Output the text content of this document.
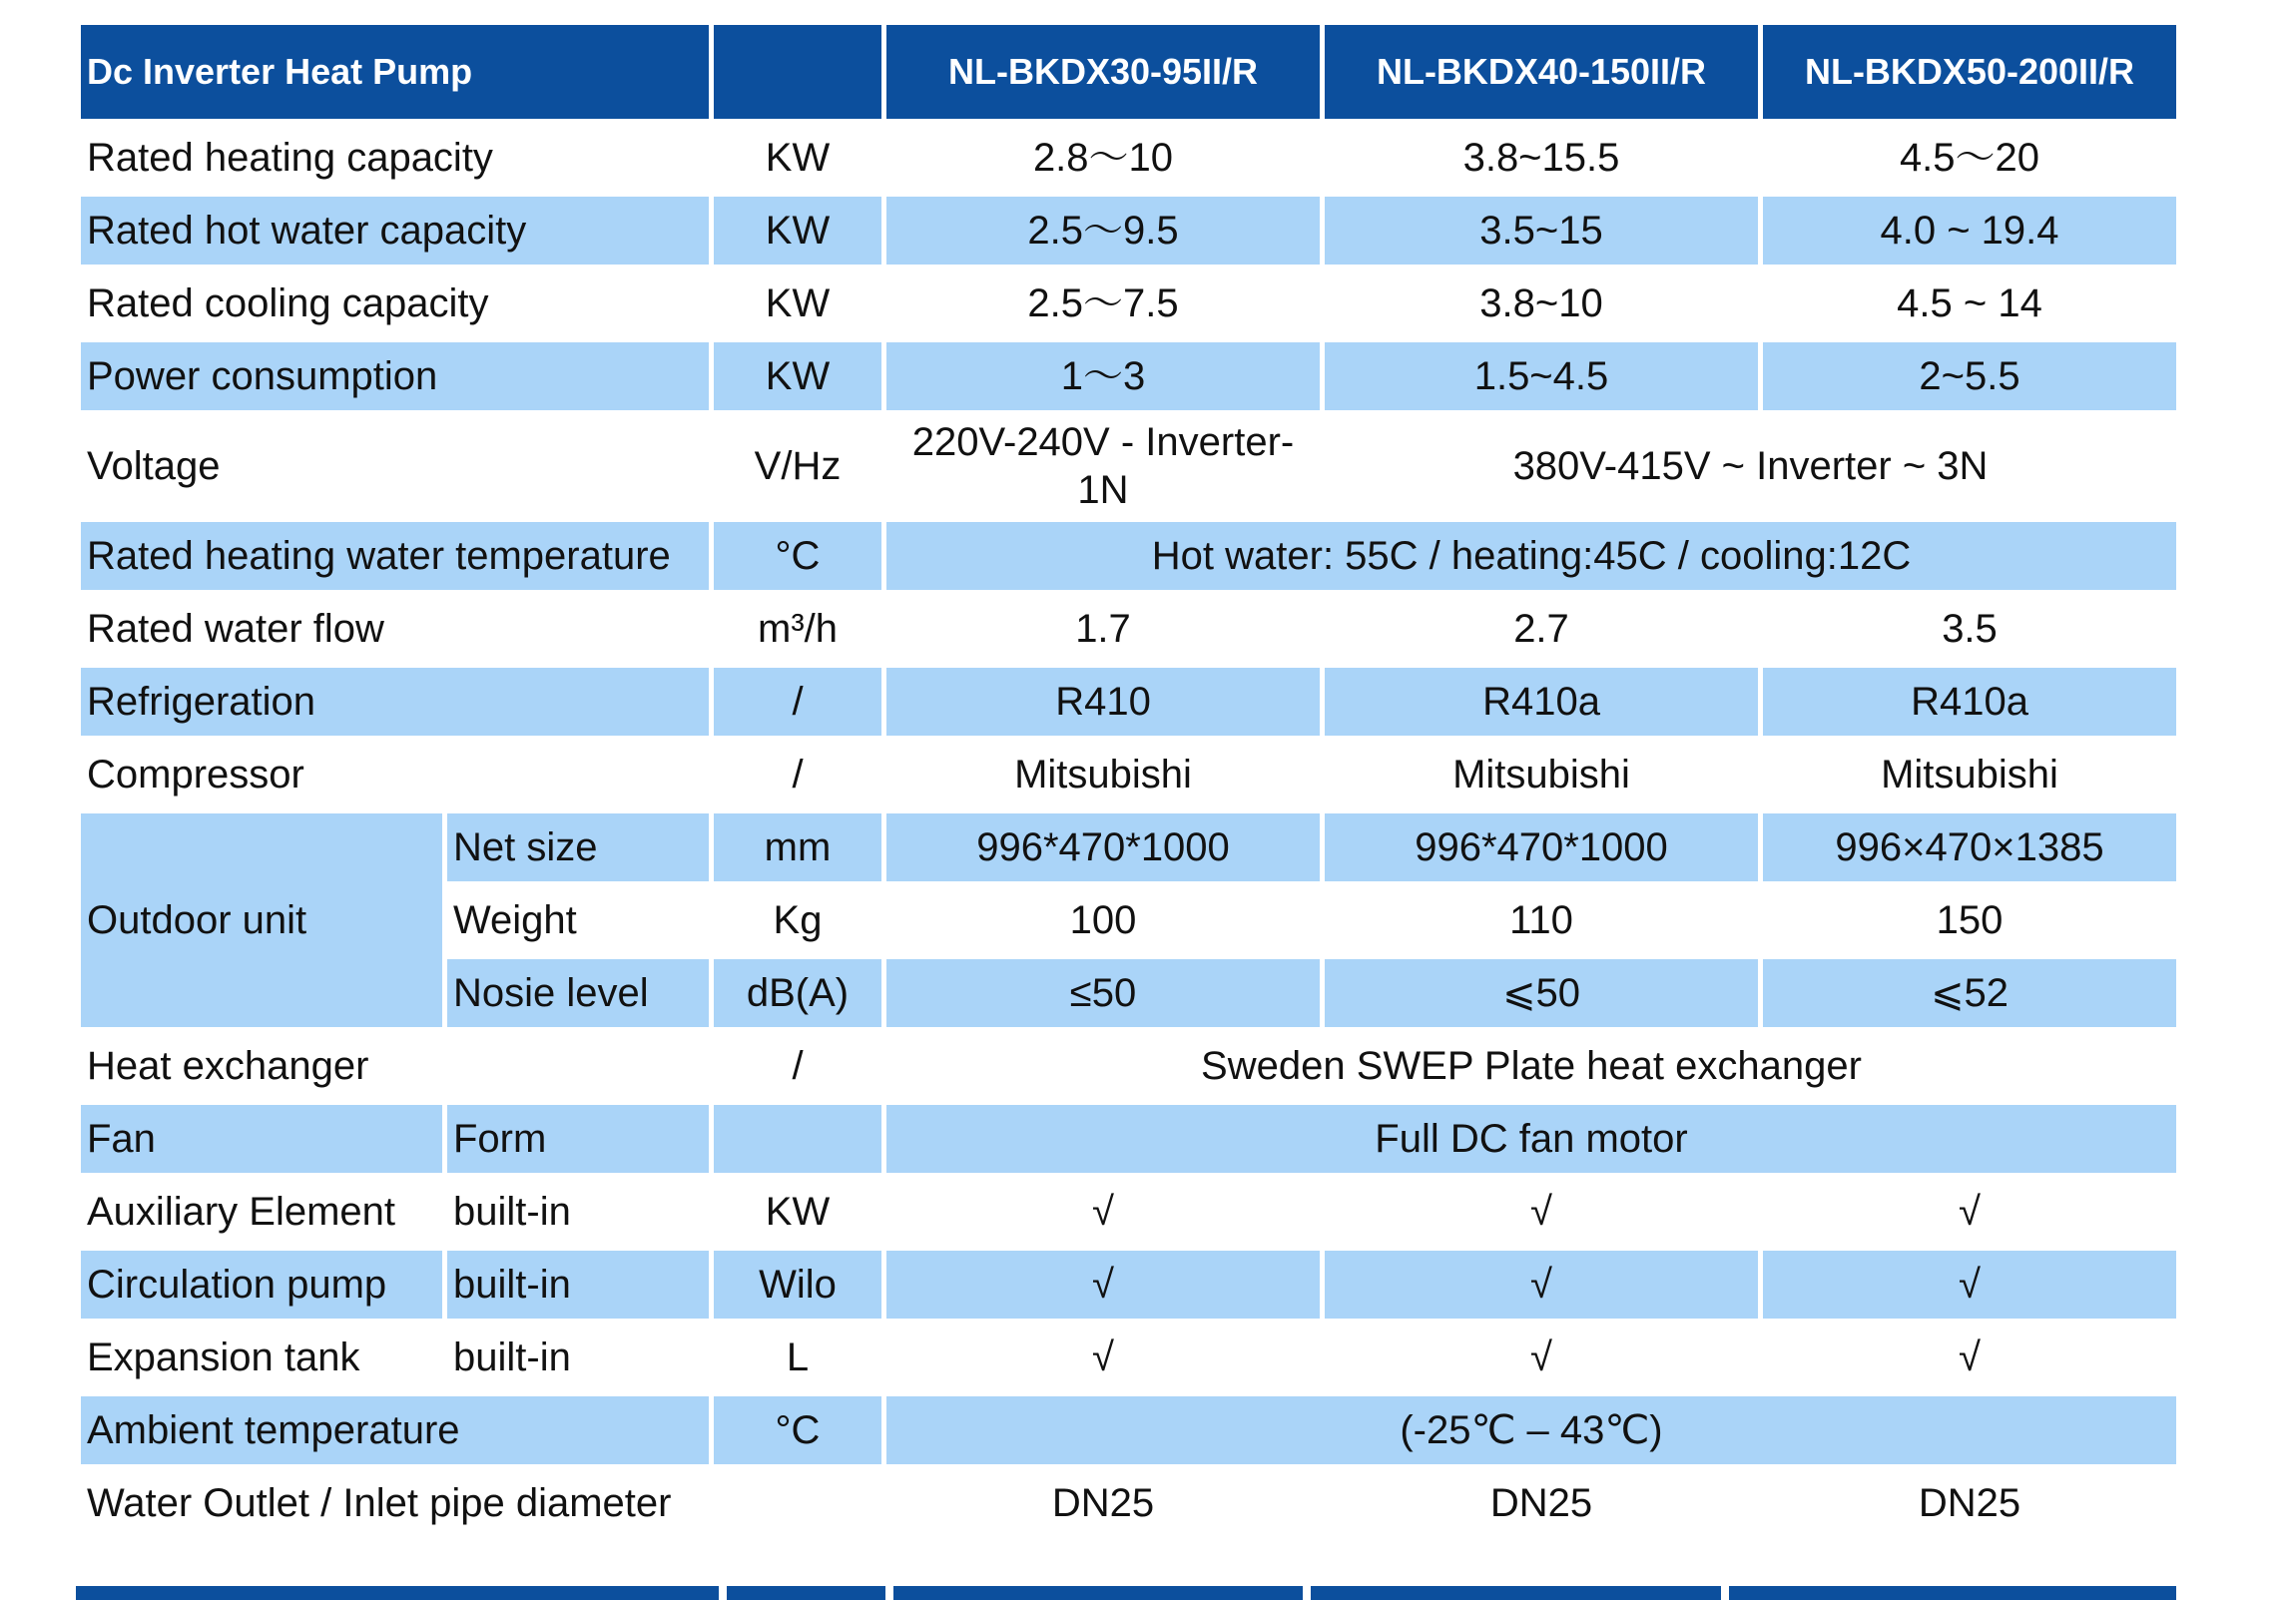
Dc Inverter Heat Pump			NL-BKDX30-95II/R	NL-BKDX40-150II/R	NL-BKDX50-200II/R
Rated heating capacity		KW	2.8～10	3.8~15.5	4.5～20
Rated hot water capacity		KW	2.5～9.5	3.5~15	4.0 ~ 19.4
Rated cooling capacity		KW	2.5～7.5	3.8~10	4.5 ~ 14
Power consumption		KW	1～3	1.5~4.5	2~5.5
Voltage		V/Hz	220V-240V - Inverter-1N	380V-415V ~ Inverter ~ 3N	
Rated heating water temperature		°C	Hot water: 55C / heating:45C / cooling:12C		
Rated water flow		m³/h	1.7	2.7	3.5
Refrigeration		/	R410	R410a	R410a
Compressor		/	Mitsubishi	Mitsubishi	Mitsubishi
Outdoor unit	Net size	mm	996*470*1000	996*470*1000	996×470×1385
	Weight	Kg	100	110	150
	Nosie level	dB(A)	≤50	⩽50	⩽52
Heat exchanger		/	Sweden SWEP Plate heat exchanger		
Fan	Form		Full DC fan motor		
Auxiliary Element	built-in	KW	√	√	√
Circulation pump	built-in	Wilo	√	√	√
Expansion tank	built-in	L	√	√	√
Ambient temperature		°C	(-25℃ – 43℃)		
Water Outlet / Inlet pipe diameter			DN25	DN25	DN25
